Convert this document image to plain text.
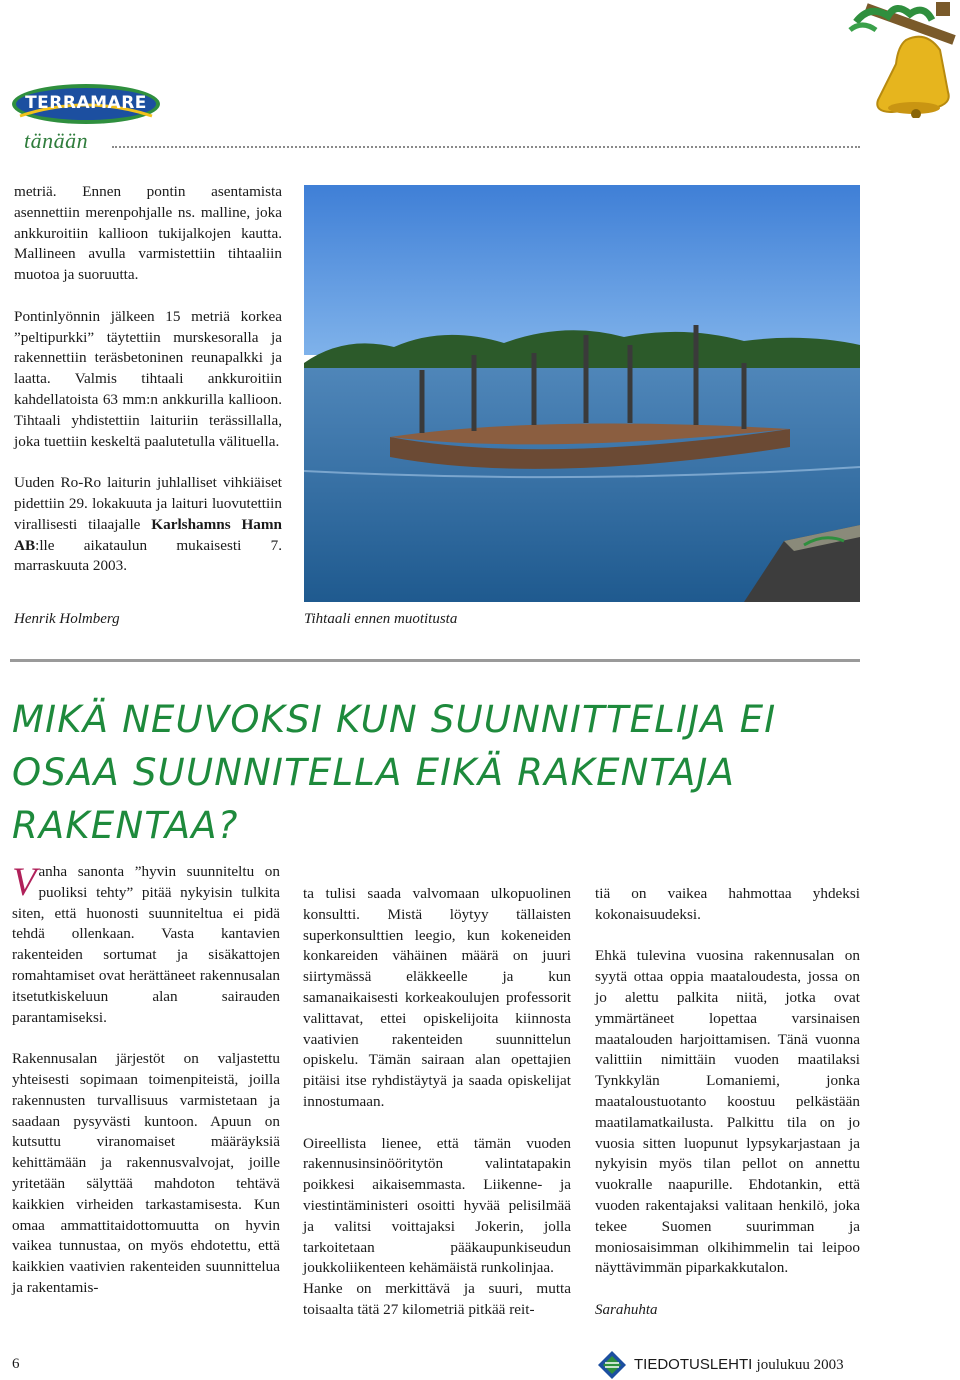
TERRAMARE
tänään

metriä. Ennen pontin asentamista asennettiin merenpohjalle ns. malline, joka ankkuroitiin kallioon tukijalkojen kautta. Mallineen avulla varmistettiin tihtaaliin muotoa ja suoruutta.

Pontinlyönnin jälkeen 15 metriä korkea ”peltipurkki” täytettiin murskesoralla ja rakennettiin teräsbetoninen reunapalkki ja laatta. Valmis tihtaali ankkuroitiin kahdellatoista 63 mm:n ankkurilla kallioon. Tihtaali yhdistettiin laituriin terässillalla, joka tuettiin keskeltä paalutetulla välituella.

Uuden Ro-Ro laiturin juhlalliset vihkiäiset pidettiin 29. lokakuuta ja laituri luovutettiin virallisesti tilaajalle Karlshamns Hamn AB:lle aikataulun mukaisesti 7. marraskuuta 2003.

Henrik Holmberg	Tihtaali ennen muotitusta
MIKÄ NEUVOKSI KUN SUUNNITTELIJA EI OSAA SUUNNITELLA EIKÄ RAKENTAJA RAKENTAA?

Vanha sanonta ”hyvin suunniteltu on puoliksi tehty” pitää nykyisin tulkita siten, että huonosti suunniteltua ei pidä tehdä ollenkaan. Vasta kantavien rakenteiden sortumat ja sisäkattojen romahtamiset ovat herättäneet rakennusalan itsetutkiskeluun alan sairauden parantamiseksi.

Rakennusalan järjestöt on valjastettu yhteisesti sopimaan toimenpiteistä, joilla rakennusten turvallisuus varmistetaan ja saadaan pysyvästi kuntoon. Apuun on kutsuttu viranomaiset määräyksiä kehittämään ja rakennusvalvojat, joille yritetään sälyttää mahdoton tehtävä kaikkien virheiden tarkastamisesta. Kun omaa ammattitaidottomuutta on hyvin vaikea tunnustaa, on myös ehdotettu, että kaikkien vaativien rakenteiden suunnittelua ja rakentamis-

ta tulisi saada valvomaan ulkopuolinen konsultti. Mistä löytyy tällaisten superkonsulttien leegio, kun kokeneiden konkareiden vähäinen määrä on juuri siirtymässä eläkkeelle ja kun samanaikaisesti korkeakoulujen professorit valittavat, ettei opiskelijoita kiinnosta vaativien rakenteiden suunnittelun opiskelu. Tämän sairaan alan opettajien pitäisi itse ryhdistäytyä ja saada opiskelijat innostumaan.

Oireellista lienee, että tämän vuoden rakennusinsinööritytön valintatapakin poikkesi aikaisemmasta. Liikenne- ja viestintäministeri osoitti hyvää pelisilmää ja valitsi voittajaksi Jokerin, jolla tarkoitetaan pääkaupunkiseudun joukkoliikenteen kehämäistä runkolinjaa.

Hanke on merkittävä ja suuri, mutta toisaalta tätä 27 kilometriä pitkää reit-

tiä on vaikea hahmottaa yhdeksi kokonaisuudeksi.

Ehkä tulevina vuosina rakennusalan on syytä ottaa oppia maataloudesta, jossa on jo alettu palkita niitä, jotka ovat ymmärtäneet lopettaa varsinaisen maatalouden harjoittamisen. Tänä vuonna valittiin nimittäin vuoden maatilaksi Tynkkylän Lomaniemi, jonka maataloustuotanto koostuu pelkästään maatilamatkailusta. Palkittu tila on jo vuosia sitten luopunut lypsykarjastaan ja nykyisin myös tilan pellot on annettu vuokralle naapurille. Ehdotankin, että vuoden rakentajaksi valitaan henkilö, joka tekee Suomen suurimman ja moniosaisimman olkihimmelin tai leipoo näyttävimmän piparkakkutalon.

Sarahuhta

6	TIEDOTUSLEHTI joulukuu 2003
